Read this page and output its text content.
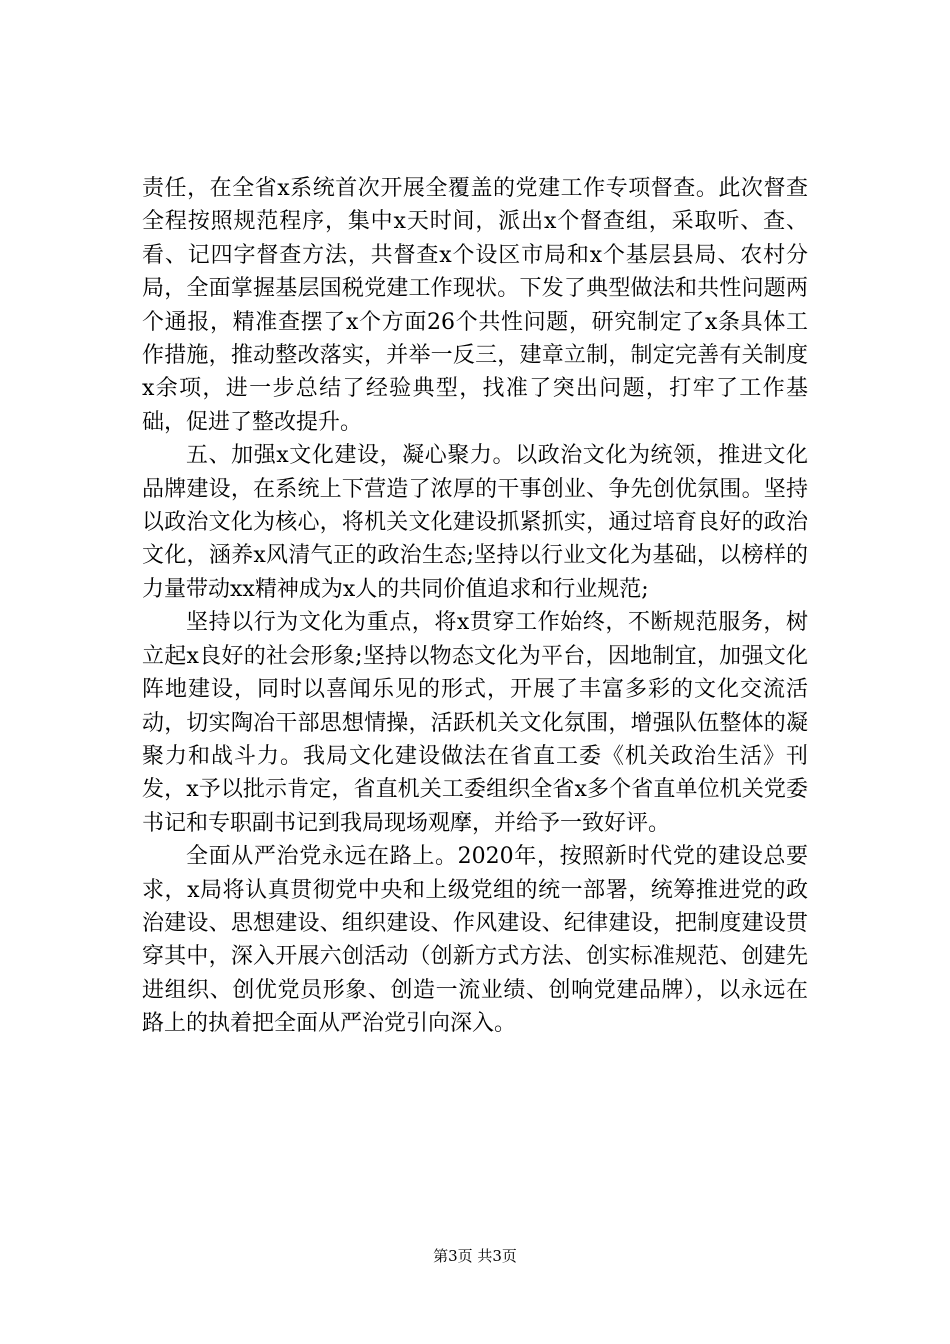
责任，在全省x系统首次开展全覆盖的党建工作专项督查。此次督查全程按照规范程序，集中x天时间，派出x个督查组，采取听、查、看、记四字督查方法，共督查x个设区市局和x个基层县局、农村分局，全面掌握基层国税党建工作现状。下发了典型做法和共性问题两个通报，精准查摆了x个方面26个共性问题，研究制定了x条具体工作措施，推动整改落实，并举一反三，建章立制，制定完善有关制度x余项，进一步总结了经验典型，找准了突出问题，打牢了工作基础，促进了整改提升。

五、加强x文化建设，凝心聚力。以政治文化为统领，推进文化品牌建设，在系统上下营造了浓厚的干事创业、争先创优氛围。坚持以政治文化为核心，将机关文化建设抓紧抓实，通过培育良好的政治文化，涵养x风清气正的政治生态;坚持以行业文化为基础，以榜样的力量带动xx精神成为x人的共同价值追求和行业规范;

坚持以行为文化为重点，将x贯穿工作始终，不断规范服务，树立起x良好的社会形象;坚持以物态文化为平台，因地制宜，加强文化阵地建设，同时以喜闻乐见的形式，开展了丰富多彩的文化交流活动，切实陶冶干部思想情操，活跃机关文化氛围，增强队伍整体的凝聚力和战斗力。我局文化建设做法在省直工委《机关政治生活》刊发，x予以批示肯定，省直机关工委组织全省x多个省直单位机关党委书记和专职副书记到我局现场观摩，并给予一致好评。

全面从严治党永远在路上。2020年，按照新时代党的建设总要求，x局将认真贯彻党中央和上级党组的统一部署，统筹推进党的政治建设、思想建设、组织建设、作风建设、纪律建设，把制度建设贯穿其中，深入开展六创活动（创新方式方法、创实标准规范、创建先进组织、创优党员形象、创造一流业绩、创响党建品牌），以永远在路上的执着把全面从严治党引向深入。

第3页 共3页
